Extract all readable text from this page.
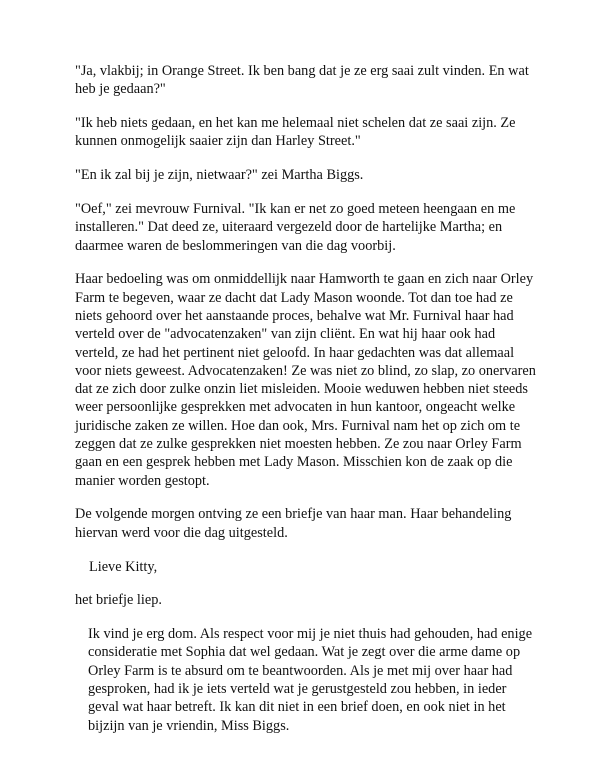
"Ja, vlakbij; in Orange Street. Ik ben bang dat je ze erg saai zult vinden. En wat heb je gedaan?"

"Ik heb niets gedaan, en het kan me helemaal niet schelen dat ze saai zijn. Ze kunnen onmogelijk saaier zijn dan Harley Street."

"En ik zal bij je zijn, nietwaar?" zei Martha Biggs.

"Oef," zei mevrouw Furnival. "Ik kan er net zo goed meteen heengaan en me installeren." Dat deed ze, uiteraard vergezeld door de hartelijke Martha; en daarmee waren de beslommeringen van die dag voorbij.

Haar bedoeling was om onmiddellijk naar Hamworth te gaan en zich naar Orley Farm te begeven, waar ze dacht dat Lady Mason woonde. Tot dan toe had ze niets gehoord over het aanstaande proces, behalve wat Mr. Furnival haar had verteld over de "advocatenzaken" van zijn cliënt. En wat hij haar ook had verteld, ze had het pertinent niet geloofd. In haar gedachten was dat allemaal voor niets geweest. Advocatenzaken! Ze was niet zo blind, zo slap, zo onervaren dat ze zich door zulke onzin liet misleiden. Mooie weduwen hebben niet steeds weer persoonlijke gesprekken met advocaten in hun kantoor, ongeacht welke juridische zaken ze willen. Hoe dan ook, Mrs. Furnival nam het op zich om te zeggen dat ze zulke gesprekken niet moesten hebben. Ze zou naar Orley Farm gaan en een gesprek hebben met Lady Mason. Misschien kon de zaak op die manier worden gestopt.

De volgende morgen ontving ze een briefje van haar man. Haar behandeling hiervan werd voor die dag uitgesteld.

Lieve Kitty,

het briefje liep.

Ik vind je erg dom. Als respect voor mij je niet thuis had gehouden, had enige consideratie met Sophia dat wel gedaan. Wat je zegt over die arme dame op Orley Farm is te absurd om te beantwoorden. Als je met mij over haar had gesproken, had ik je iets verteld wat je gerustgesteld zou hebben, in ieder geval wat haar betreft. Ik kan dit niet in een brief doen, en ook niet in het bijzijn van je vriendin, Miss Biggs.
